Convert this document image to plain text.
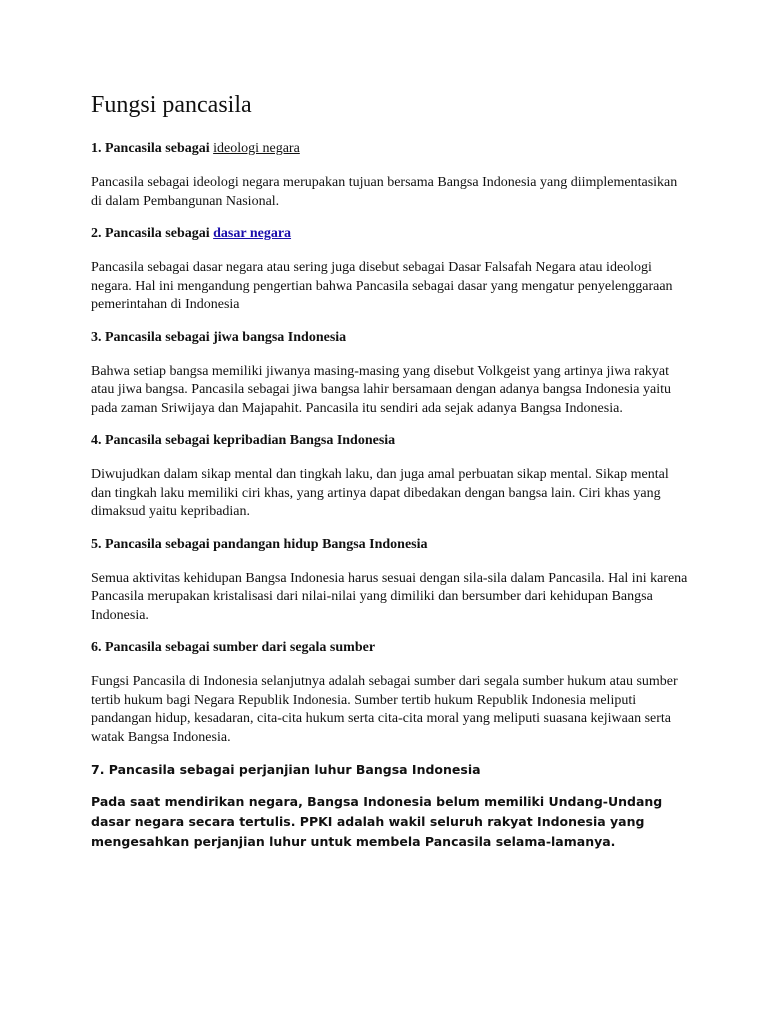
Fungsi pancasila
1. Pancasila sebagai ideologi negara

Pancasila sebagai ideologi negara merupakan tujuan bersama Bangsa Indonesia yang diimplementasikan di dalam Pembangunan Nasional.

2. Pancasila sebagai dasar negara

Pancasila sebagai dasar negara atau sering juga disebut sebagai Dasar Falsafah Negara atau ideologi negara. Hal ini mengandung pengertian bahwa Pancasila sebagai dasar yang mengatur penyelenggaraan pemerintahan di Indonesia

3. Pancasila sebagai jiwa bangsa Indonesia

Bahwa setiap bangsa memiliki jiwanya masing-masing yang disebut Volkgeist yang artinya jiwa rakyat atau jiwa bangsa. Pancasila sebagai jiwa bangsa lahir bersamaan dengan adanya bangsa Indonesia yaitu pada zaman Sriwijaya dan Majapahit. Pancasila itu sendiri ada sejak adanya Bangsa Indonesia.

4. Pancasila sebagai kepribadian Bangsa Indonesia

Diwujudkan dalam sikap mental dan tingkah laku, dan juga amal perbuatan sikap mental. Sikap mental dan tingkah laku memiliki ciri khas, yang artinya dapat dibedakan dengan bangsa lain. Ciri khas yang dimaksud yaitu kepribadian.

5. Pancasila sebagai pandangan hidup Bangsa Indonesia

Semua aktivitas kehidupan Bangsa Indonesia harus sesuai dengan sila-sila dalam Pancasila. Hal ini karena Pancasila merupakan kristalisasi dari nilai-nilai yang dimiliki dan bersumber dari kehidupan Bangsa Indonesia.

6. Pancasila sebagai sumber dari segala sumber

Fungsi Pancasila di Indonesia selanjutnya adalah sebagai sumber dari segala sumber hukum atau sumber tertib hukum bagi Negara Republik Indonesia. Sumber tertib hukum Republik Indonesia meliputi pandangan hidup, kesadaran, cita-cita hukum serta cita-cita moral yang meliputi suasana kejiwaan serta watak Bangsa Indonesia.

7. Pancasila sebagai perjanjian luhur Bangsa Indonesia

Pada saat mendirikan negara, Bangsa Indonesia belum memiliki Undang-Undang dasar negara secara tertulis. PPKI adalah wakil seluruh rakyat Indonesia yang mengesahkan perjanjian luhur untuk membela Pancasila selama-lamanya.
